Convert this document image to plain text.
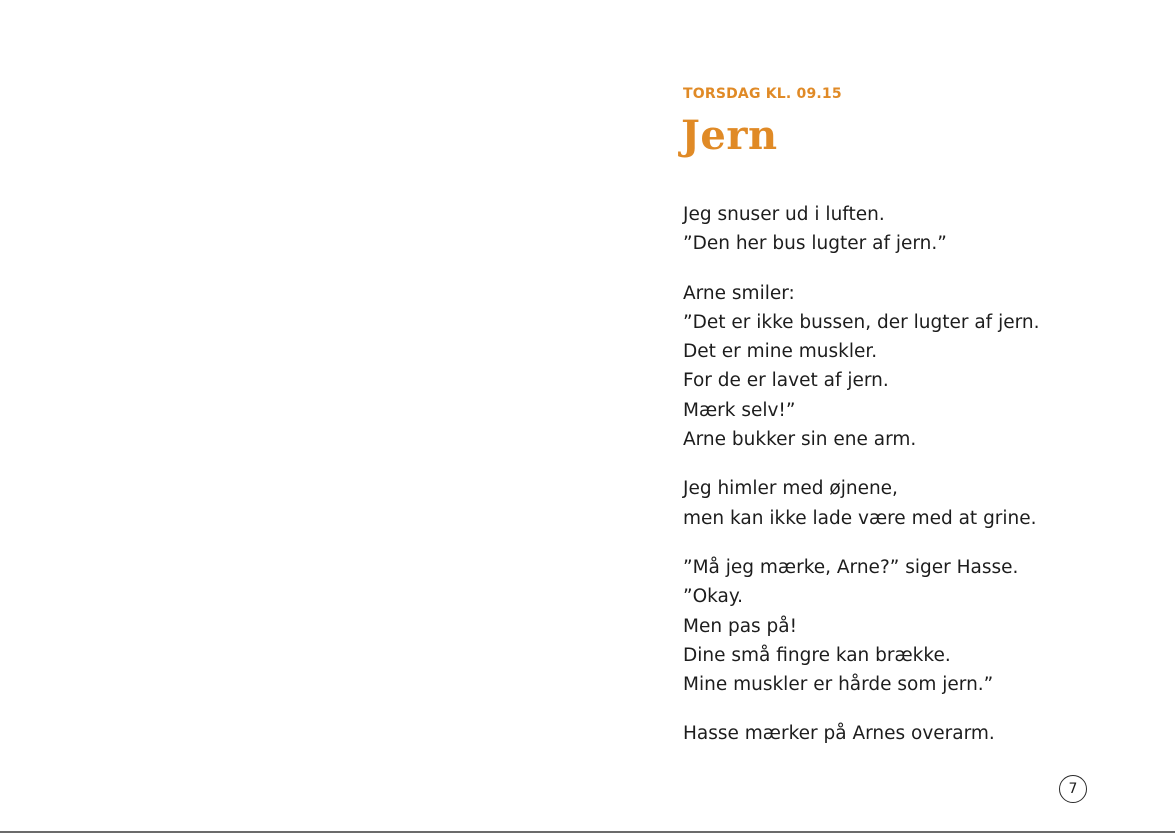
TORSDAG KL. 09.15
Jern
Jeg snuser ud i luften.
”Den her bus lugter af jern.”
Arne smiler:
”Det er ikke bussen, der lugter af jern.
Det er mine muskler.
For de er lavet af jern.
Mærk selv!”
Arne bukker sin ene arm.
Jeg himler med øjnene,
men kan ikke lade være med at grine.
”Må jeg mærke, Arne?” siger Hasse.
”Okay.
Men pas på!
Dine små fingre kan brække.
Mine muskler er hårde som jern.”
Hasse mærker på Arnes overarm.
7
